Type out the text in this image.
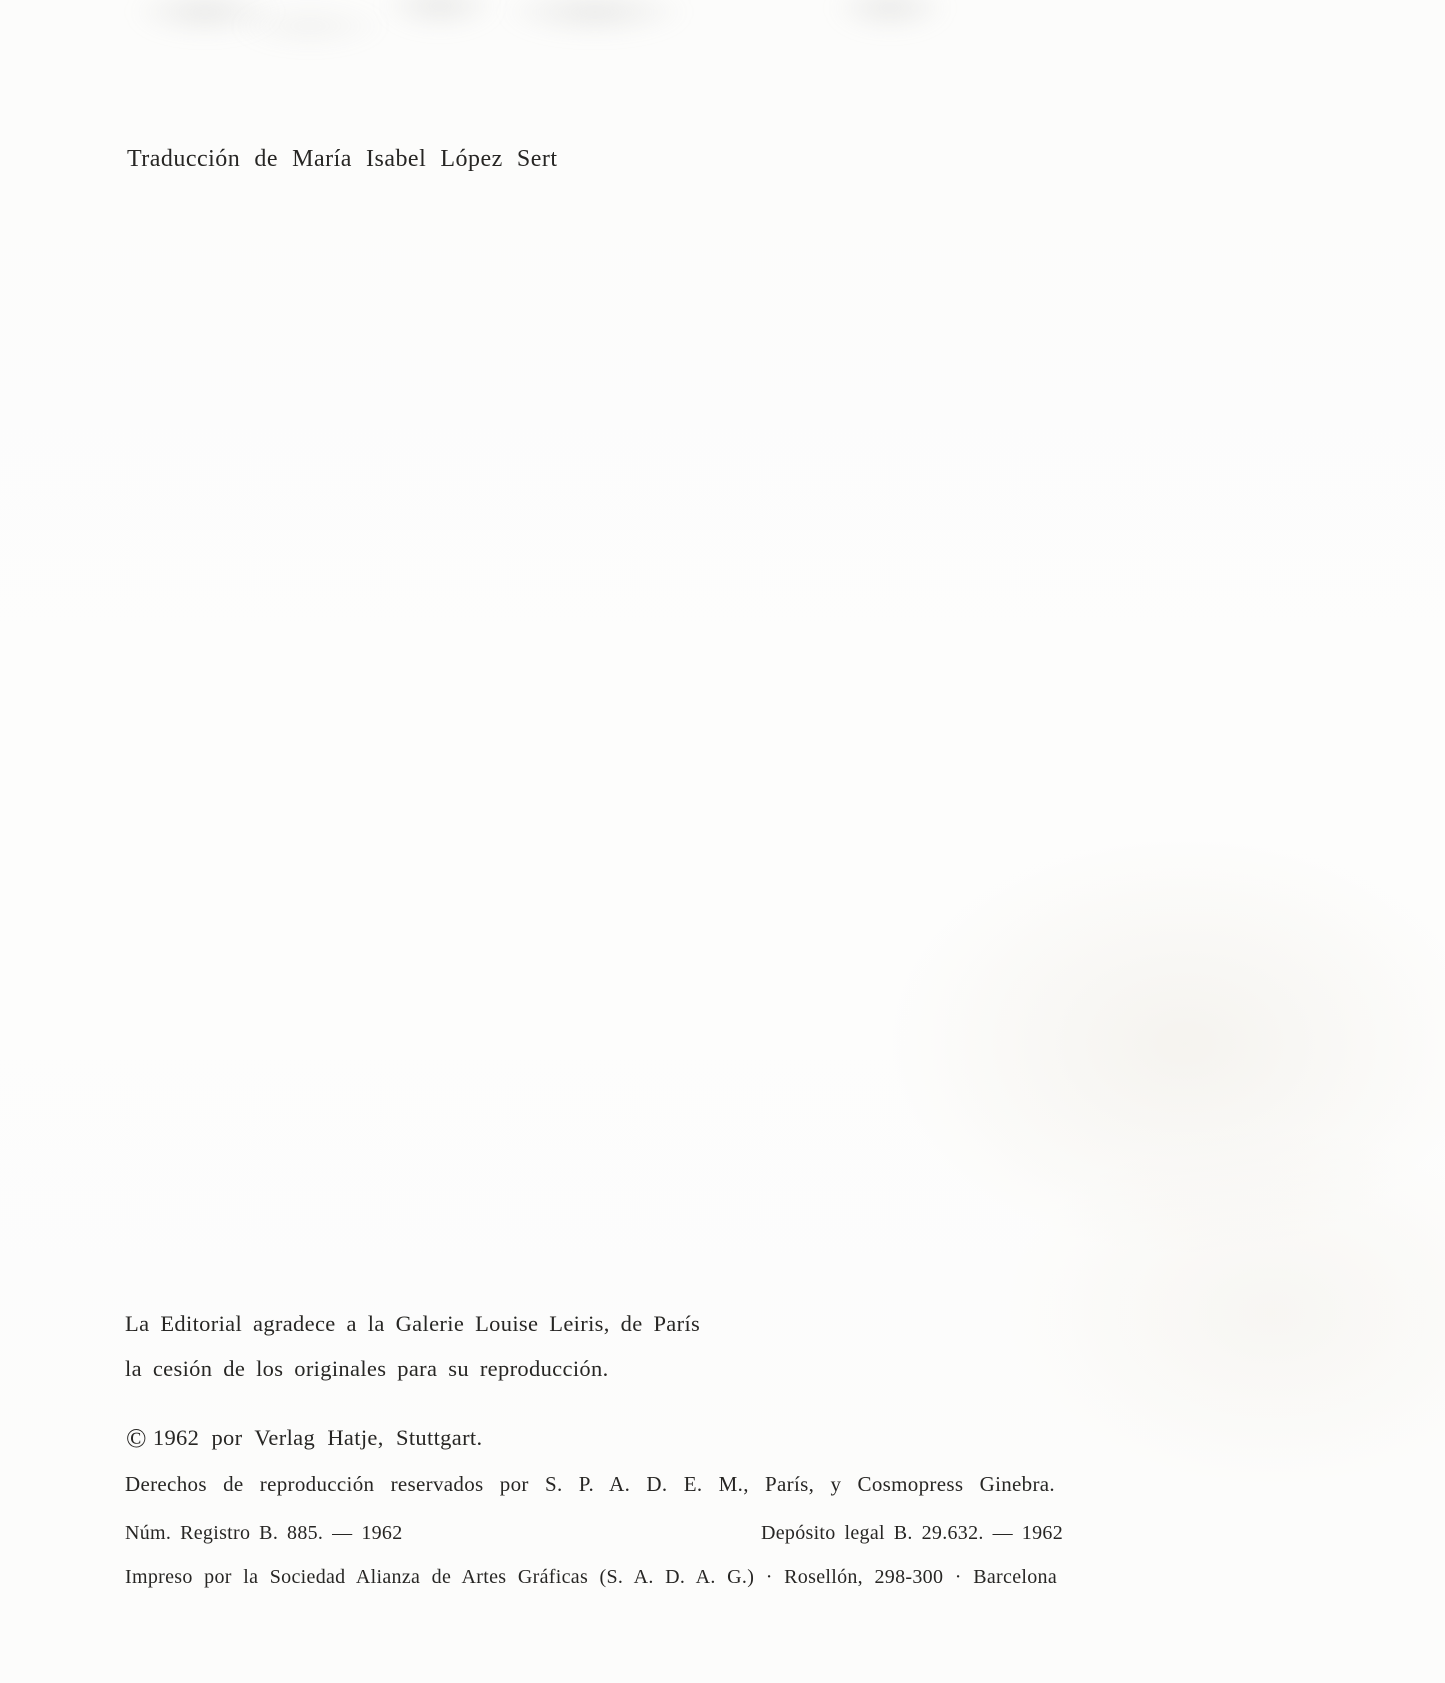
Traducción de María Isabel López Sert

La Editorial agradece a la Galerie Louise Leiris, de París

la cesión de los originales para su reproducción.

© 1962 por Verlag Hatje, Stuttgart.

Derechos de reproducción reservados por S. P. A. D. E. M., París, y Cosmopress Ginebra.

Núm. Registro B. 885. — 1962	Depósito legal B. 29.632. — 1962

Impreso por la Sociedad Alianza de Artes Gráficas (S. A. D. A. G.) · Rosellón, 298-300 · Barcelona
